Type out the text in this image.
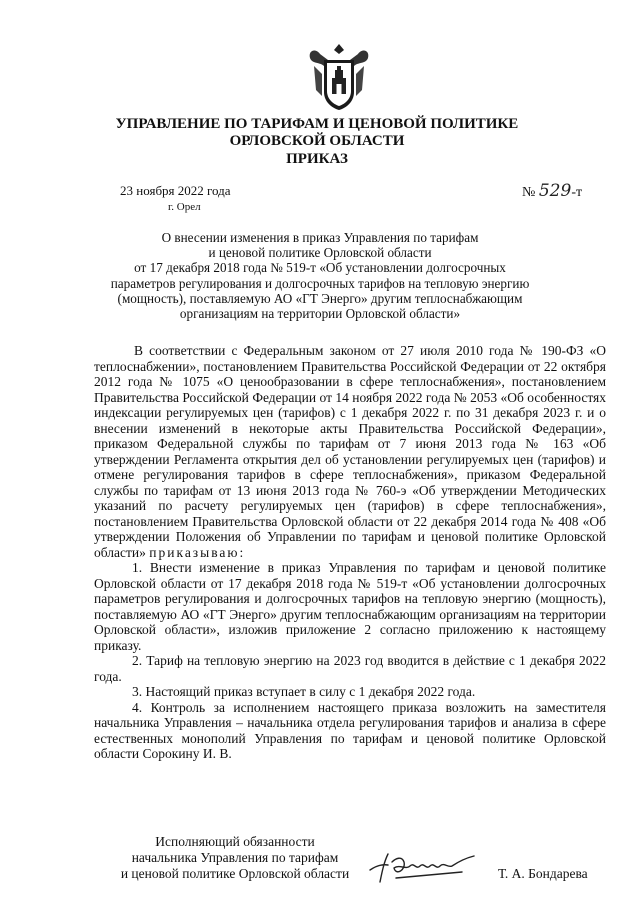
УПРАВЛЕНИЕ ПО ТАРИФАМ И ЦЕНОВОЙ ПОЛИТИКЕ
ОРЛОВСКОЙ ОБЛАСТИ
ПРИКАЗ
23 ноября 2022 года
г. Орел
№ 529-т
О внесении изменения в приказ Управления по тарифам
и ценовой политике Орловской области
от 17 декабря 2018 года № 519-т «Об установлении долгосрочных
параметров регулирования и долгосрочных тарифов на тепловую энергию
(мощность), поставляемую АО «ГТ Энерго» другим теплоснабжающим
организациям на территории Орловской области»

В соответствии с Федеральным законом от 27 июля 2010 года № 190-ФЗ «О теплоснабжении», постановлением Правительства Российской Федерации от 22 октября 2012 года № 1075 «О ценообразовании в сфере теплоснабжения», постановлением Правительства Российской Федерации от 14 ноября 2022 года № 2053 «Об особенностях индексации регулируемых цен (тарифов) с 1 декабря 2022 г. по 31 декабря 2023 г. и о внесении изменений в некоторые акты Правительства Российской Федерации», приказом Федеральной службы по тарифам от 7 июня 2013 года № 163 «Об утверждении Регламента открытия дел об установлении регулируемых цен (тарифов) и отмене регулирования тарифов в сфере теплоснабжения», приказом Федеральной службы по тарифам от 13 июня 2013 года № 760-э «Об утверждении Методических указаний по расчету регулируемых цен (тарифов) в сфере теплоснабжения», постановлением Правительства Орловской области от 22 декабря 2014 года № 408 «Об утверждении Положения об Управлении по тарифам и ценовой политике Орловской области» приказываю:

1. Внести изменение в приказ Управления по тарифам и ценовой политике Орловской области от 17 декабря 2018 года № 519-т «Об установлении долгосрочных параметров регулирования и долгосрочных тарифов на тепловую энергию (мощность), поставляемую АО «ГТ Энерго» другим теплоснабжающим организациям на территории Орловской области», изложив приложение 2 согласно приложению к настоящему приказу.

2. Тариф на тепловую энергию на 2023 год вводится в действие с 1 декабря 2022 года.

3. Настоящий приказ вступает в силу с 1 декабря 2022 года.

4. Контроль за исполнением настоящего приказа возложить на заместителя начальника Управления – начальника отдела регулирования тарифов и анализа в сфере естественных монополий Управления по тарифам и ценовой политике Орловской области Сорокину И. В.

Исполняющий обязанности
начальника Управления по тарифам
и ценовой политике Орловской области	Т. А. Бондарева
